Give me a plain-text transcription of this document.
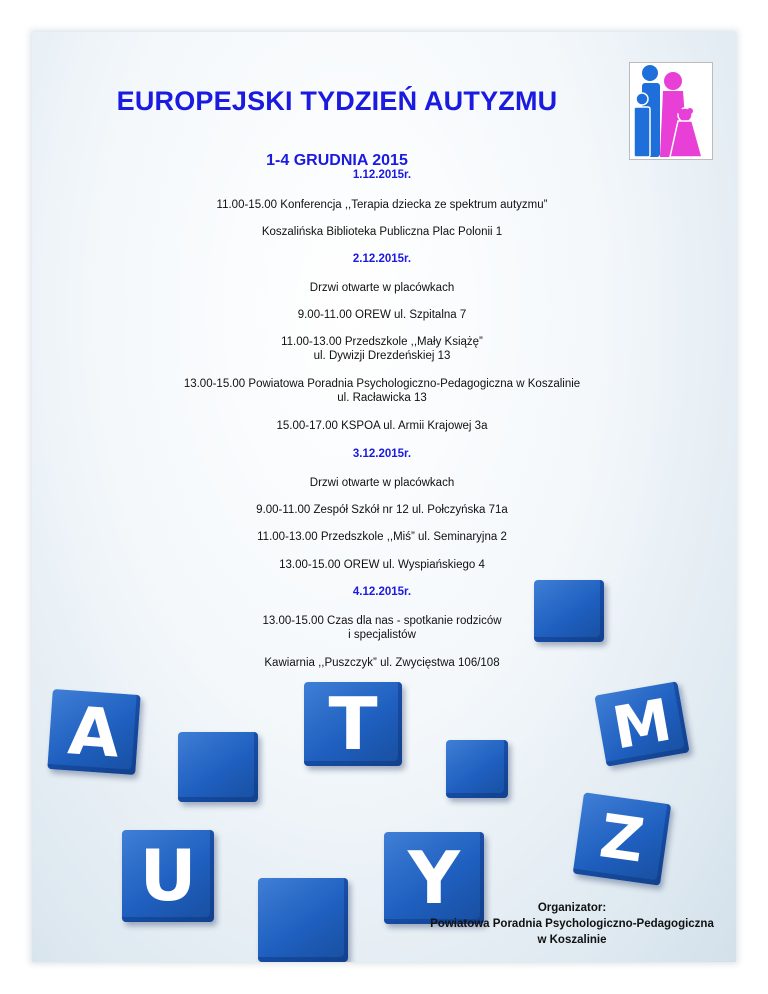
EUROPEJSKI TYDZIEŃ AUTYZMU
1-4 GRUDNIA 2015
1.12.2015r.
11.00-15.00 Konferencja ,,Terapia dziecka ze spektrum autyzmu”
Koszalińska Biblioteka Publiczna Plac Polonii 1
2.12.2015r.
Drzwi otwarte w placówkach
9.00-11.00 OREW ul. Szpitalna 7
11.00-13.00 Przedszkole ,,Mały Książę”
ul. Dywizji Drezdeńskiej 13
13.00-15.00 Powiatowa Poradnia Psychologiczno-Pedagogiczna w Koszalinie
ul. Racławicka 13
15.00-17.00 KSPOA ul. Armii Krajowej 3a
3.12.2015r.
Drzwi otwarte w placówkach
9.00-11.00 Zespół Szkół nr 12 ul. Połczyńska 71a
11.00-13.00 Przedszkole ,,Miś” ul. Seminaryjna 2
13.00-15.00 OREW ul. Wyspiańskiego 4
4.12.2015r.
13.00-15.00 Czas dla nas - spotkanie rodziców
i specjalistów
Kawiarnia ,,Puszczyk” ul. Zwycięstwa 106/108
A	T	M
U	Y	Z
Organizator:
Powiatowa Poradnia Psychologiczno-Pedagogiczna
w Koszalinie
